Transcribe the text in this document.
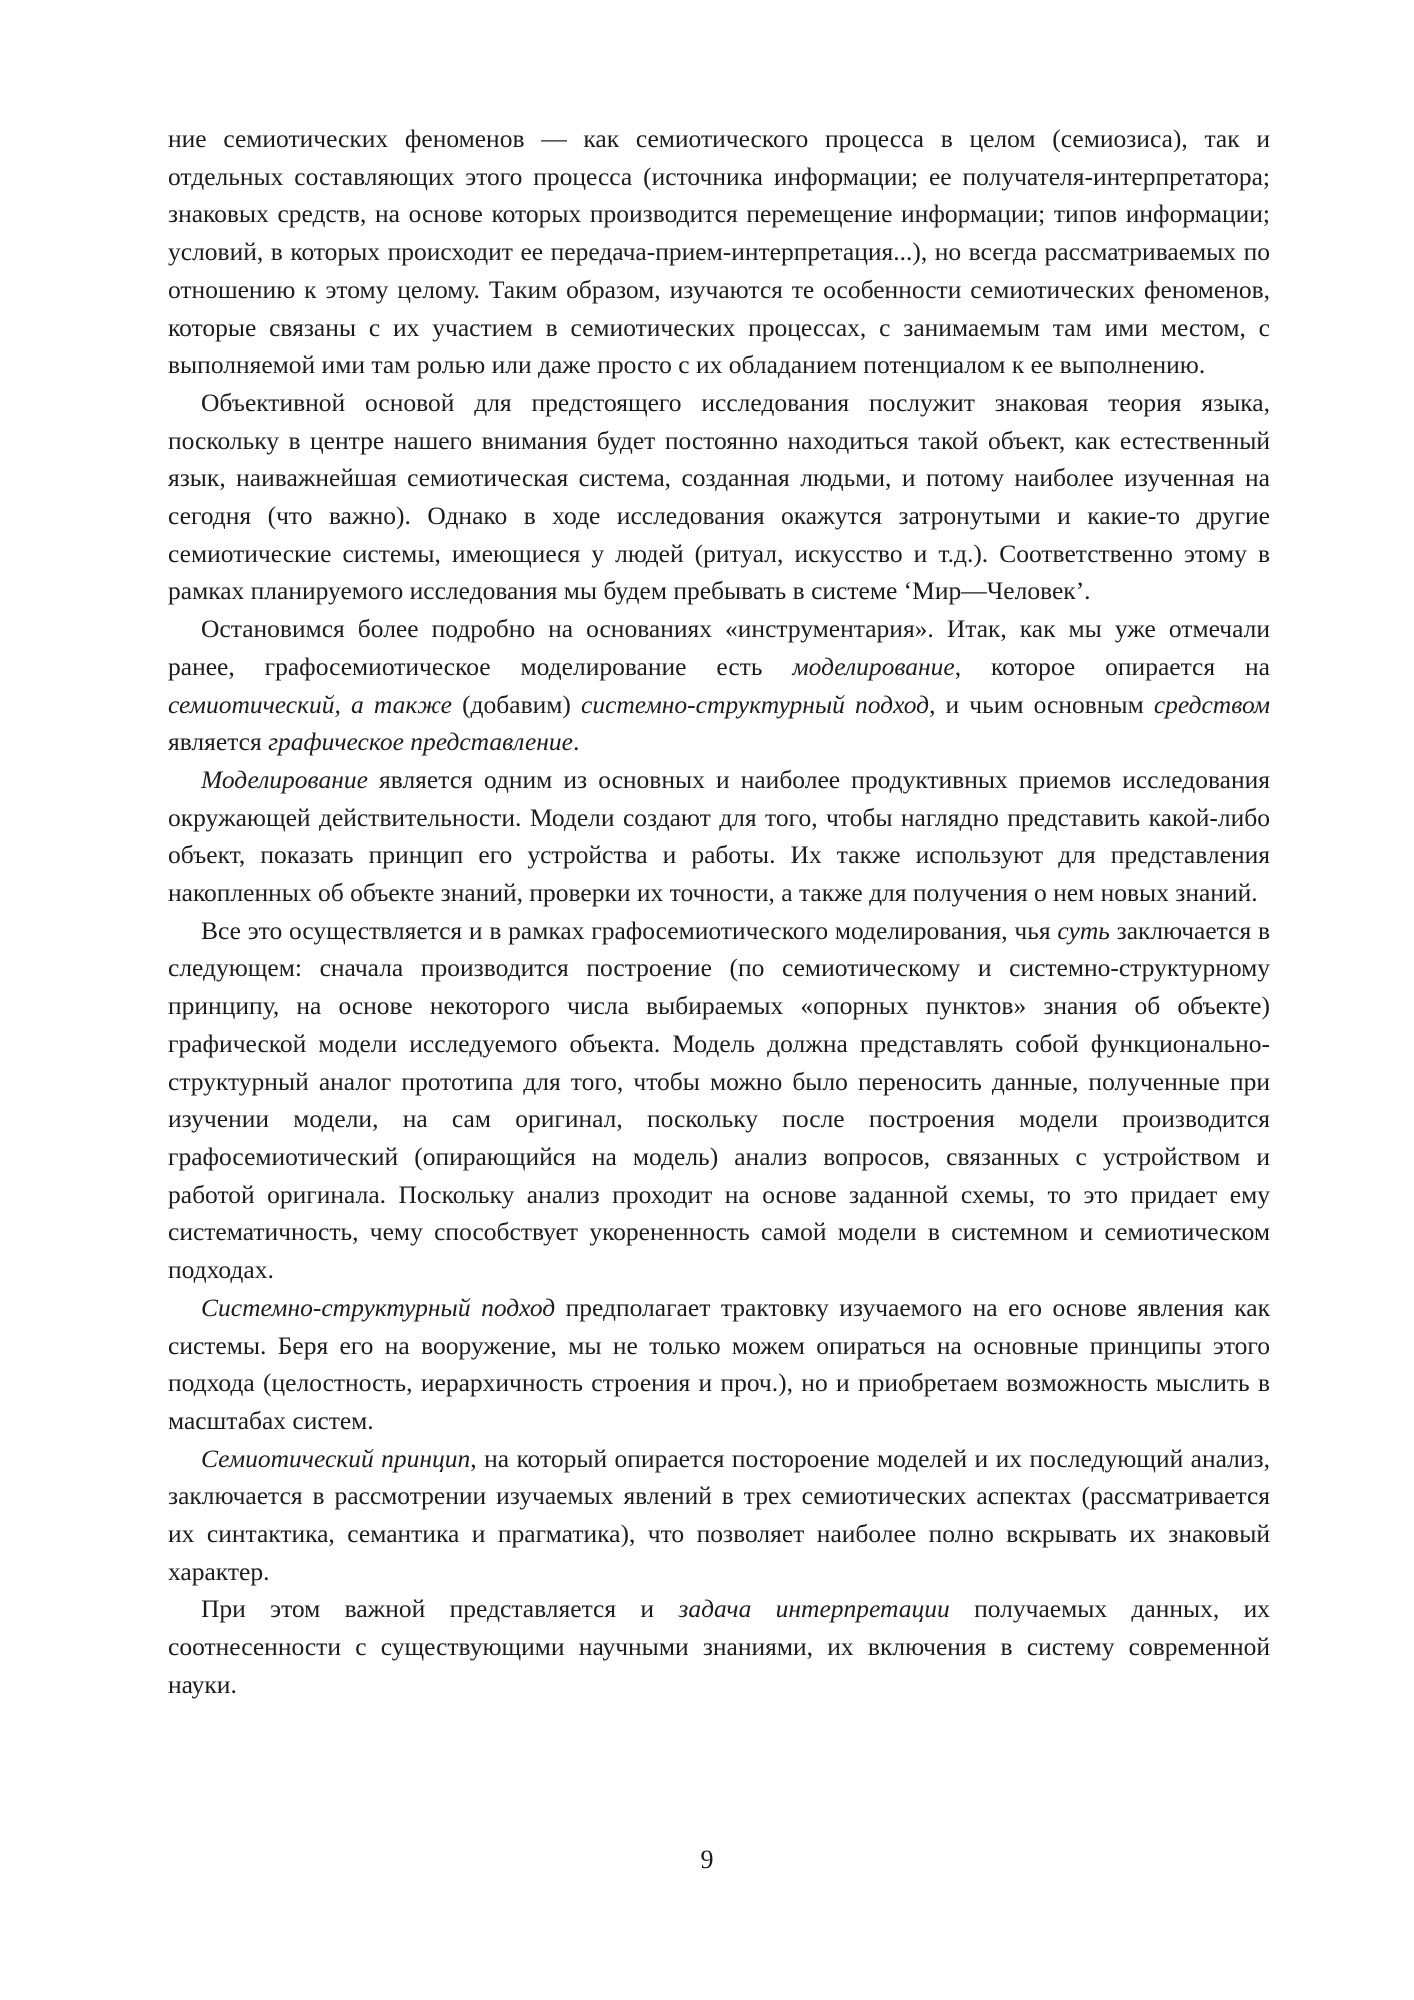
ние семиотических феноменов — как семиотического процесса в целом (семиозиса), так и отдельных составляющих этого процесса (источника информации; ее получателя-интерпретатора; знаковых средств, на основе которых производится перемещение информации; типов информации; условий, в которых происходит ее передача-прием-интерпретация...), но всегда рассматриваемых по отношению к этому целому. Таким образом, изучаются те особенности семиотических феноменов, которые связаны с их участием в семиотических процессах, с занимаемым там ими местом, с выполняемой ими там ролью или даже просто с их обладанием потенциалом к ее выполнению.

Объективной основой для предстоящего исследования послужит знаковая теория языка, поскольку в центре нашего внимания будет постоянно находиться такой объект, как естественный язык, наиважнейшая семиотическая система, созданная людьми, и потому наиболее изученная на сегодня (что важно). Однако в ходе исследования окажутся затронутыми и какие-то другие семиотические системы, имеющиеся у людей (ритуал, искусство и т.д.). Соответственно этому в рамках планируемого исследования мы будем пребывать в системе ‘Мир—Человек’.

Остановимся более подробно на основаниях «инструментария». Итак, как мы уже отмечали ранее, графосемиотическое моделирование есть моделирование, которое опирается на семиотический, а также (добавим) системно-структурный подход, и чьим основным средством является графическое представление.

Моделирование является одним из основных и наиболее продуктивных приемов исследования окружающей действительности. Модели создают для того, чтобы наглядно представить какой-либо объект, показать принцип его устройства и работы. Их также используют для представления накопленных об объекте знаний, проверки их точности, а также для получения о нем новых знаний.

Все это осуществляется и в рамках графосемиотического моделирования, чья суть заключается в следующем: сначала производится построение (по семиотическому и системно-структурному принципу, на основе некоторого числа выбираемых «опорных пунктов» знания об объекте) графической модели исследуемого объекта. Модель должна представлять собой функционально-структурный аналог прототипа для того, чтобы можно было переносить данные, полученные при изучении модели, на сам оригинал, поскольку после построения модели производится графосемиотический (опирающийся на модель) анализ вопросов, связанных с устройством и работой оригинала. Поскольку анализ проходит на основе заданной схемы, то это придает ему систематичность, чему способствует укорененность самой модели в системном и семиотическом подходах.

Системно-структурный подход предполагает трактовку изучаемого на его основе явления как системы. Беря его на вооружение, мы не только можем опираться на основные принципы этого подхода (целостность, иерархичность строения и проч.), но и приобретаем возможность мыслить в масштабах систем.

Семиотический принцип, на который опирается постороение моделей и их последующий анализ, заключается в рассмотрении изучаемых явлений в трех семиотических аспектах (рассматривается их синтактика, семантика и прагматика), что позволяет наиболее полно вскрывать их знаковый характер.

При этом важной представляется и задача интерпретации получаемых данных, их соотнесенности с существующими научными знаниями, их включения в систему современной науки.

9
